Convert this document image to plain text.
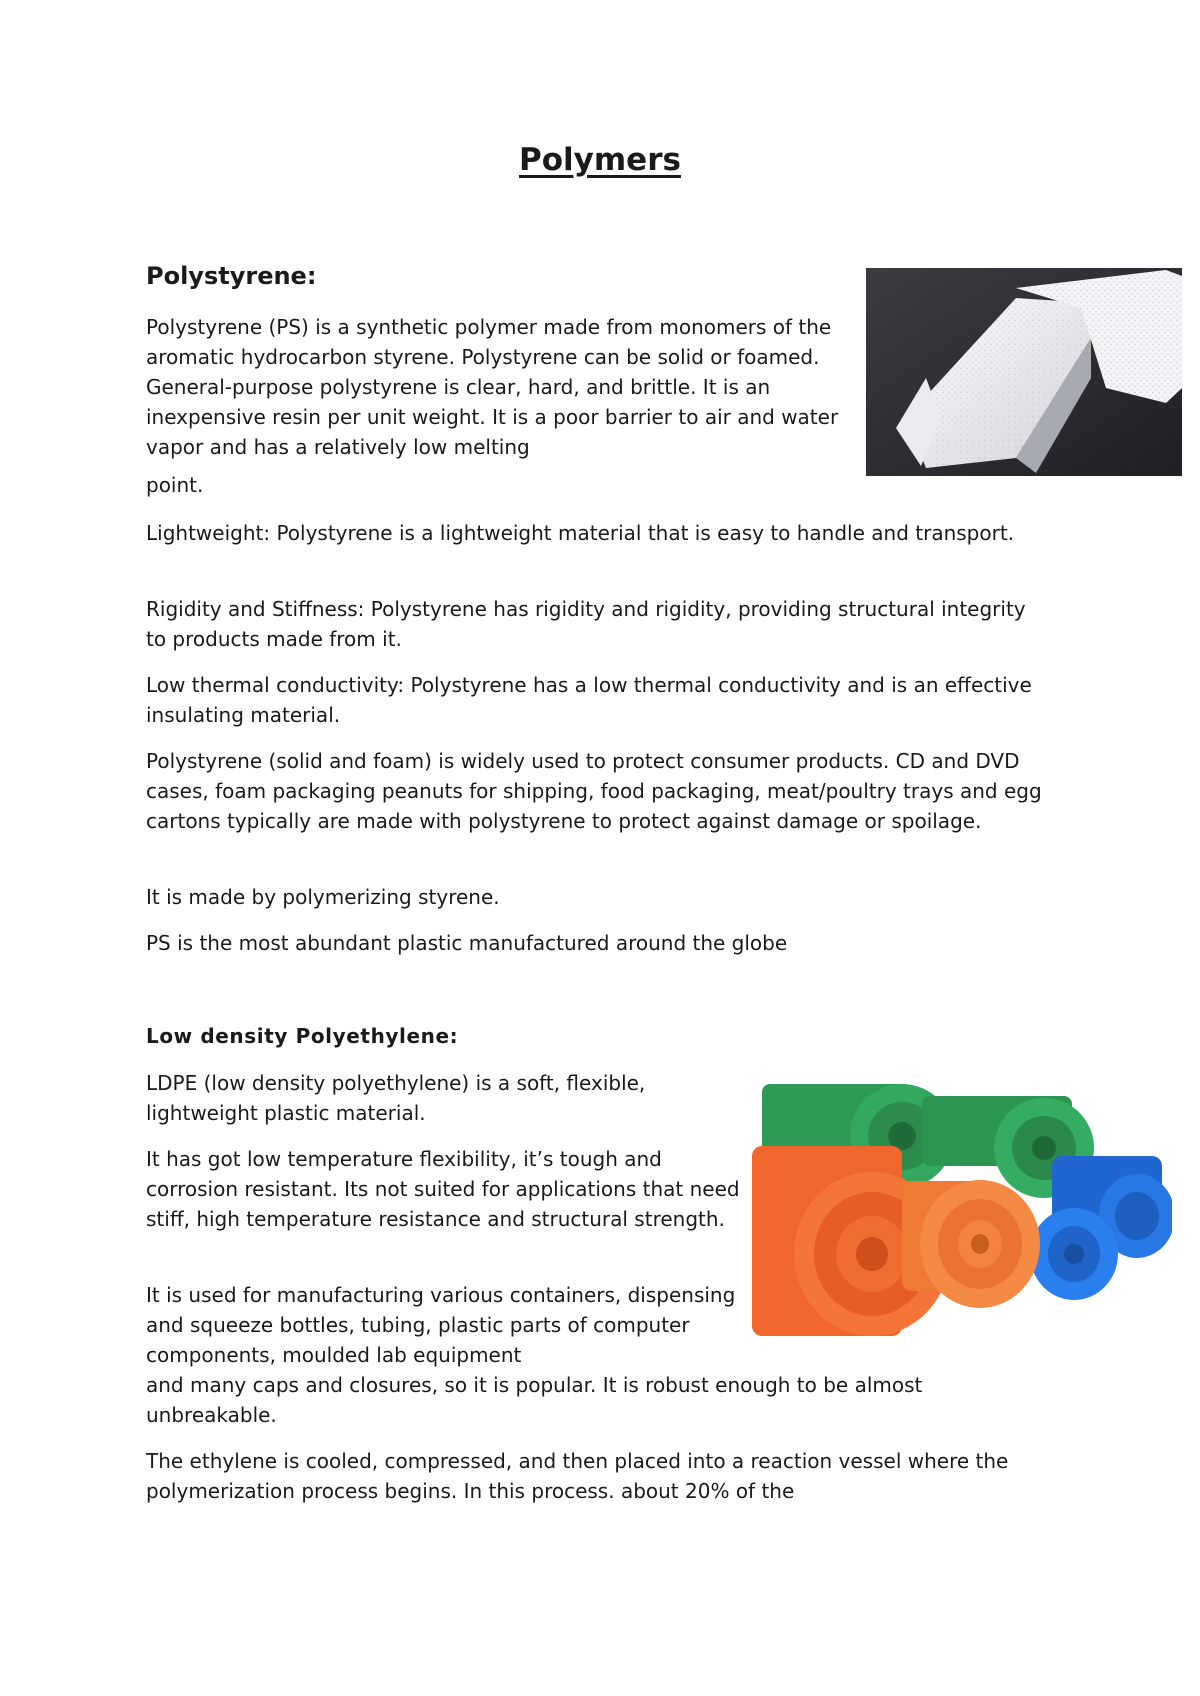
Polymers
Polystyrene:

Polystyrene (PS) is a synthetic polymer made from monomers of the aromatic hydrocarbon styrene. Polystyrene can be solid or foamed. General-purpose polystyrene is clear, hard, and brittle. It is an inexpensive resin per unit weight. It is a poor barrier to air and water vapor and has a relatively low melting

point.

Lightweight: Polystyrene is a lightweight material that is easy to handle and transport.

Rigidity and Stiffness: Polystyrene has rigidity and rigidity, providing structural integrity to products made from it.

Low thermal conductivity: Polystyrene has a low thermal conductivity and is an effective insulating material.

Polystyrene (solid and foam) is widely used to protect consumer products. CD and DVD cases, foam packaging peanuts for shipping, food packaging, meat/poultry trays and egg cartons typically are made with polystyrene to protect against damage or spoilage.

It is made by polymerizing styrene.

PS is the most abundant plastic manufactured around the globe

Low density Polyethylene:

LDPE (low density polyethylene) is a soft, flexible, lightweight plastic material.

It has got low temperature flexibility, it’s tough and corrosion resistant. Its not suited for applications that need stiff, high temperature resistance and structural strength.

It is used for manufacturing various containers, dispensing and squeeze bottles, tubing, plastic parts of computer components, moulded lab equipment

and many caps and closures, so it is popular. It is robust enough to be almost unbreakable.

The ethylene is cooled, compressed, and then placed into a reaction vessel where the polymerization process begins. In this process. about 20% of the
